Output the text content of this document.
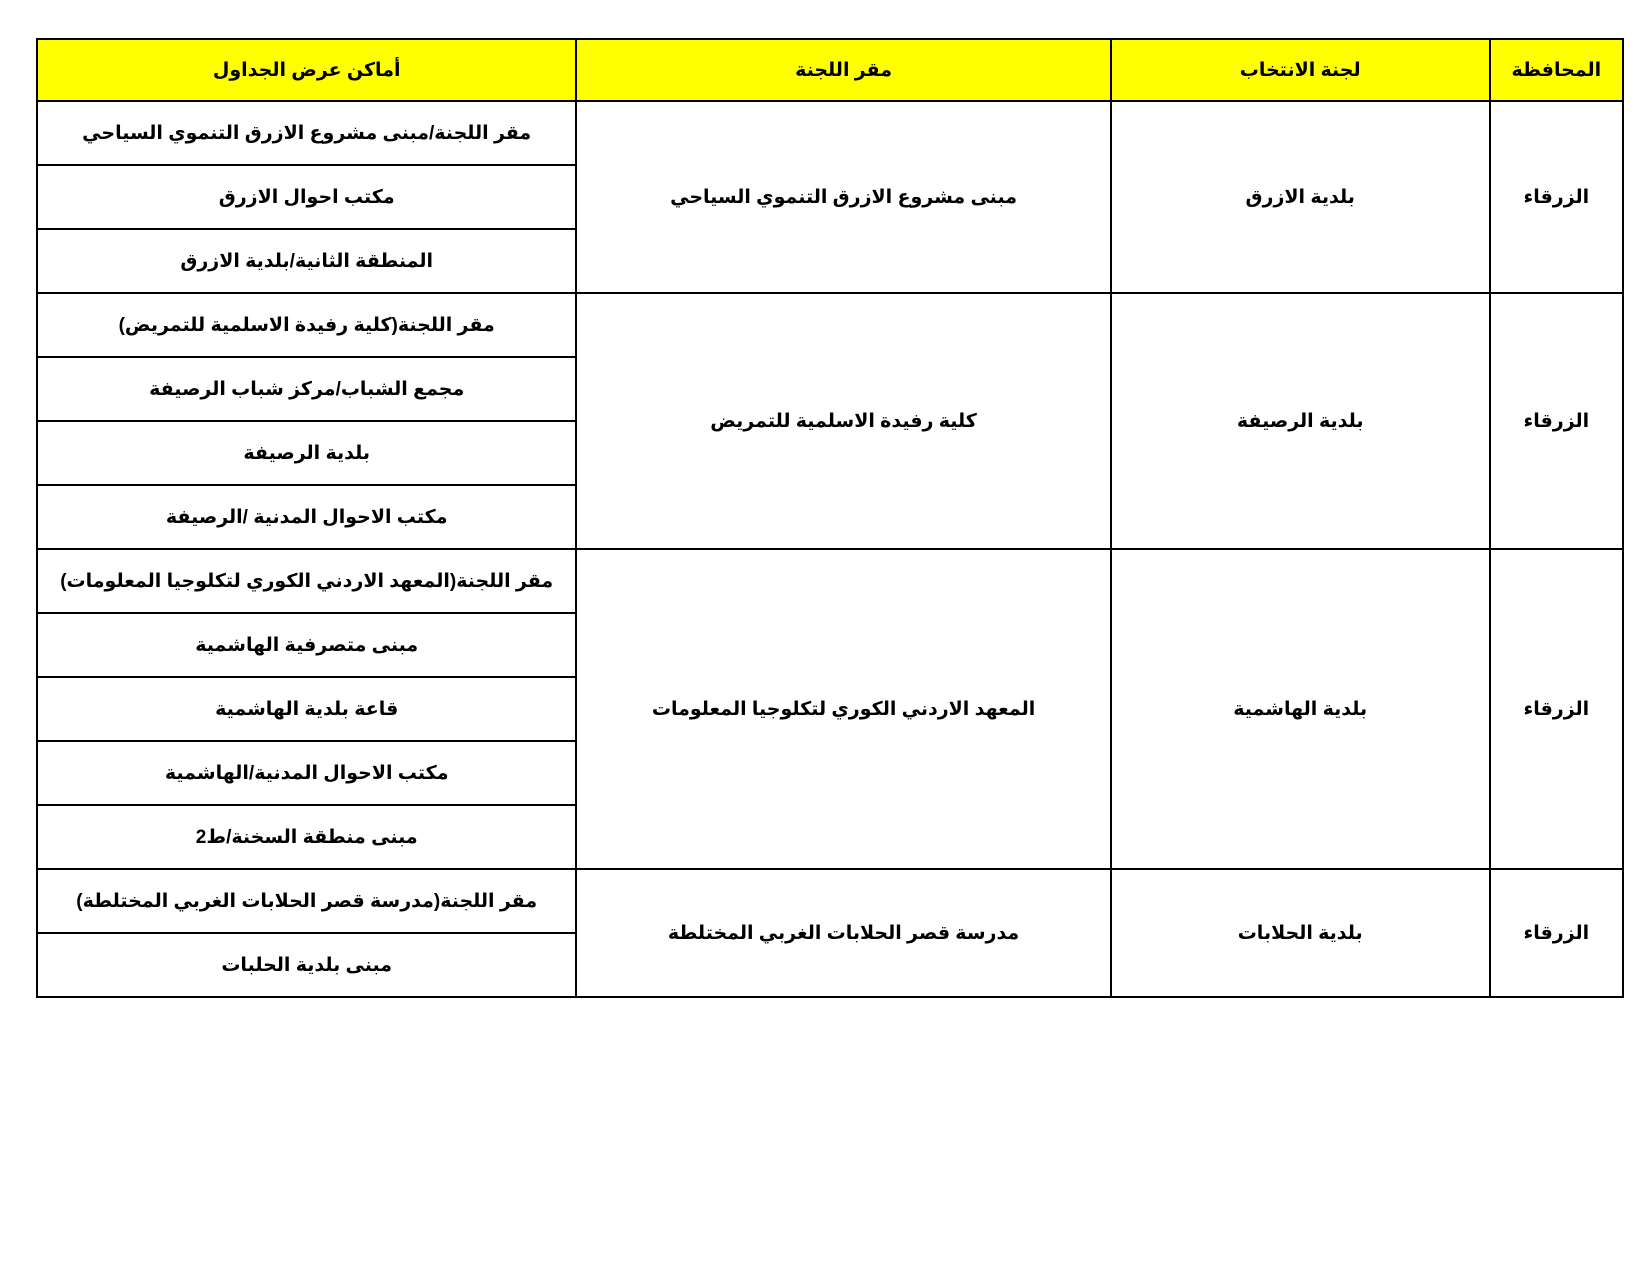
المحافظة	لجنة الانتخاب	مقر اللجنة	أماكن عرض الجداول
الزرقاء	بلدية الازرق	مبنى مشروع الازرق التنموي السياحي	مقر اللجنة/مبنى مشروع الازرق التنموي السياحي
			مكتب احوال الازرق
			المنطقة الثانية/بلدية الازرق
الزرقاء	بلدية الرصيفة	كلية رفيدة الاسلمية للتمريض	مقر اللجنة(كلية رفيدة الاسلمية للتمريض)
			مجمع الشباب/مركز شباب الرصيفة
			بلدية الرصيفة
			مكتب الاحوال المدنية /الرصيفة
الزرقاء	بلدية الهاشمية	المعهد الاردني الكوري لتكلوجيا المعلومات	مقر اللجنة(المعهد الاردني الكوري لتكلوجيا المعلومات)
			مبنى متصرفية الهاشمية
			قاعة بلدية الهاشمية
			مكتب الاحوال المدنية/الهاشمية
			مبنى منطقة السخنة/ط2
الزرقاء	بلدية الحلابات	مدرسة قصر الحلابات الغربي المختلطة	مقر اللجنة(مدرسة قصر الحلابات الغربي المختلطة)
			مبنى بلدية الحلبات
